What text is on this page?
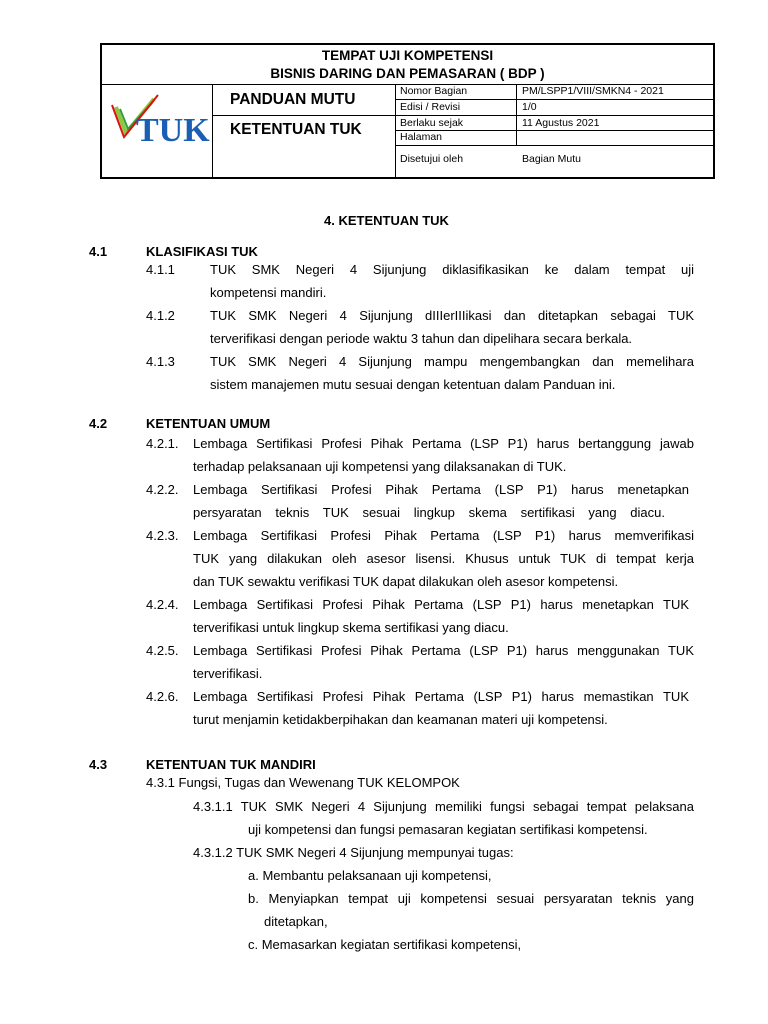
TEMPAT UJI KOMPETENSI
BISNIS DARING DAN PEMASARAN ( BDP )
TUK
PANDUAN MUTU
KETENTUAN TUK
Nomor Bagian	PM/LSPP1/VIII/SMKN4 - 2021
Edisi / Revisi	1/0
Berlaku sejak	11 Agustus 2021
Halaman
Disetujui oleh	Bagian Mutu
4. KETENTUAN TUK
4.1	KLASIFIKASI TUK
4.1.1	TUK SMK Negeri 4 Sijunjung diklasifikasikan ke dalam tempat uji
kompetensi mandiri.
4.1.2	TUK SMK Negeri 4 Sijunjung dIIIerIIIikasi dan ditetapkan sebagai TUK
terverifikasi dengan periode waktu 3 tahun dan dipelihara secara berkala.
4.1.3	TUK SMK Negeri 4 Sijunjung mampu mengembangkan dan memelihara
sistem manajemen mutu sesuai dengan ketentuan dalam Panduan ini.
4.2	KETENTUAN UMUM
4.2.1. Lembaga Sertifikasi Profesi Pihak Pertama (LSP P1) harus bertanggung jawab
terhadap pelaksanaan uji kompetensi yang dilaksanakan di TUK.
4.2.2. Lembaga Sertifikasi Profesi Pihak Pertama (LSP P1) harus menetapkan
persyaratan teknis TUK sesuai lingkup skema sertifikasi yang diacu.
4.2.3. Lembaga Sertifikasi Profesi Pihak Pertama (LSP P1) harus memverifikasi
TUK yang dilakukan oleh asesor lisensi. Khusus untuk TUK di tempat kerja
dan TUK sewaktu verifikasi TUK dapat dilakukan oleh asesor kompetensi.
4.2.4. Lembaga Sertifikasi Profesi Pihak Pertama (LSP P1) harus menetapkan TUK
terverifikasi untuk lingkup skema sertifikasi yang diacu.
4.2.5. Lembaga Sertifikasi Profesi Pihak Pertama (LSP P1) harus menggunakan TUK
terverifikasi.
4.2.6. Lembaga Sertifikasi Profesi Pihak Pertama (LSP P1) harus memastikan TUK
turut menjamin ketidakberpihakan dan keamanan materi uji kompetensi.
4.3	KETENTUAN TUK MANDIRI
4.3.1 Fungsi, Tugas dan Wewenang TUK KELOMPOK
4.3.1.1 TUK SMK Negeri 4 Sijunjung memiliki fungsi sebagai tempat pelaksana
uji kompetensi dan fungsi pemasaran kegiatan sertifikasi kompetensi.
4.3.1.2 TUK SMK Negeri 4 Sijunjung mempunyai tugas:
a. Membantu pelaksanaan uji kompetensi,
b. Menyiapkan tempat uji kompetensi sesuai persyaratan teknis yang
ditetapkan,
c. Memasarkan kegiatan sertifikasi kompetensi,
